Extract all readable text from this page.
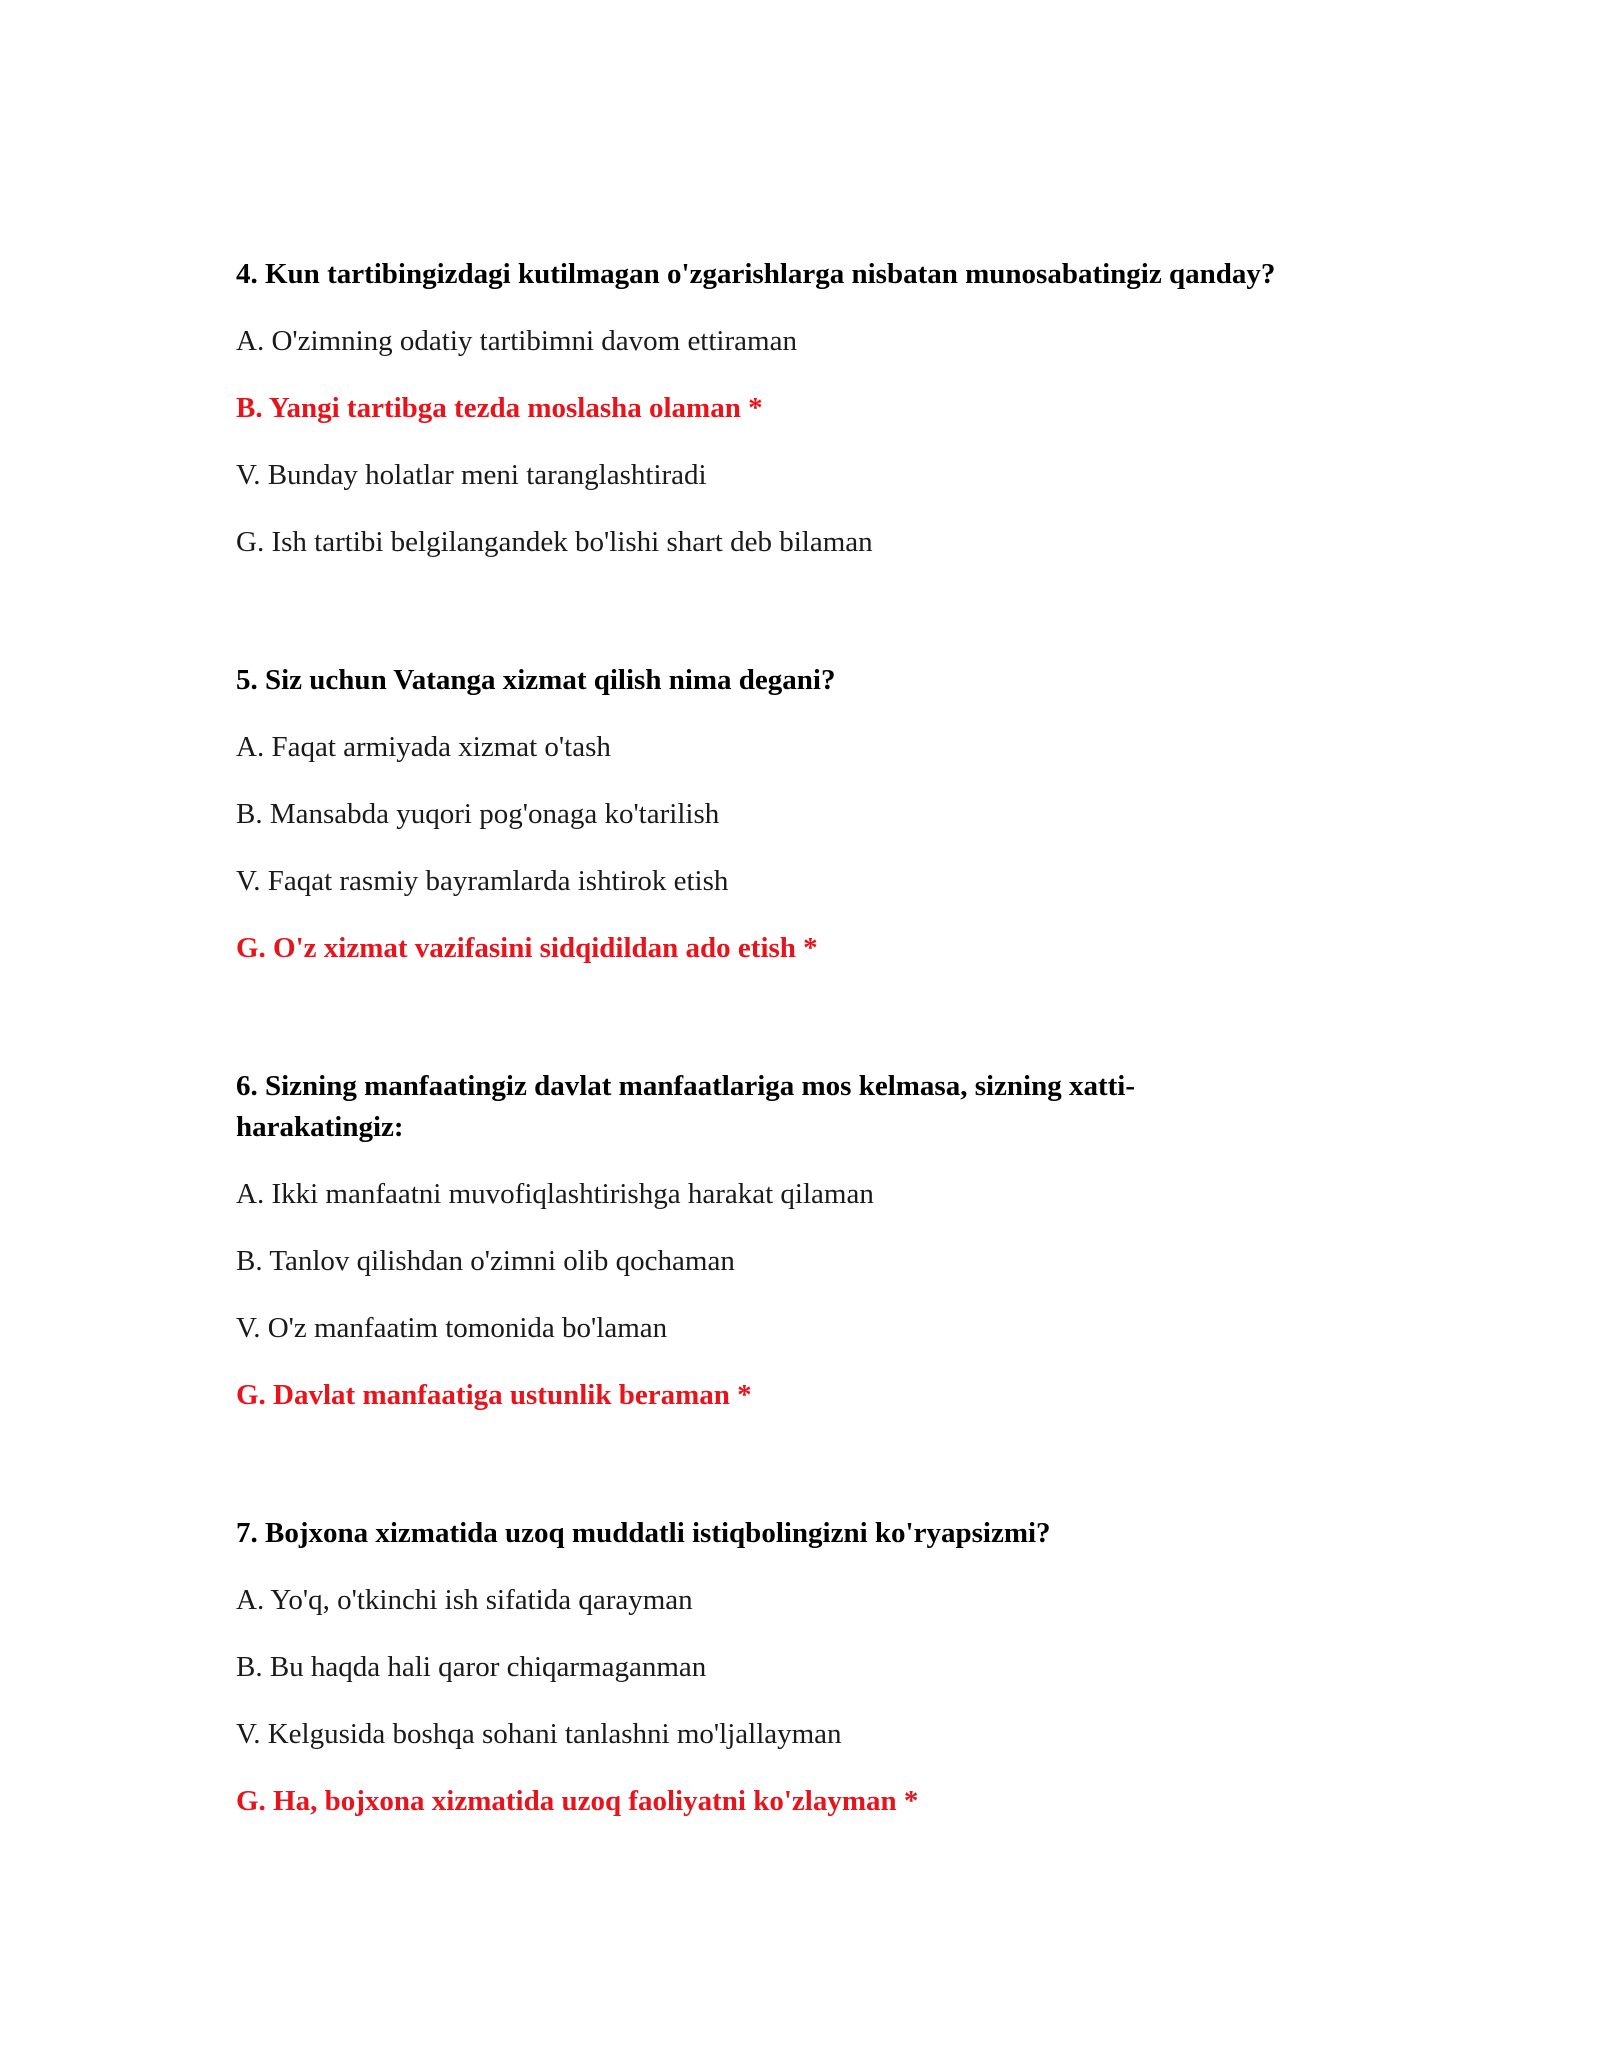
4. Kun tartibingizdagi kutilmagan o'zgarishlarga nisbatan munosabatingiz qanday?

A. O'zimning odatiy tartibimni davom ettiraman

B. Yangi tartibga tezda moslasha olaman *

V. Bunday holatlar meni taranglashtiradi

G. Ish tartibi belgilangandek bo'lishi shart deb bilaman

5. Siz uchun Vatanga xizmat qilish nima degani?

A. Faqat armiyada xizmat o'tash

B. Mansabda yuqori pog'onaga ko'tarilish

V. Faqat rasmiy bayramlarda ishtirok etish

G. O'z xizmat vazifasini sidqidildan ado etish *

6. Sizning manfaatingiz davlat manfaatlariga mos kelmasa, sizning xatti-harakatingiz:

A. Ikki manfaatni muvofiqlashtirishga harakat qilaman

B. Tanlov qilishdan o'zimni olib qochaman

V. O'z manfaatim tomonida bo'laman

G. Davlat manfaatiga ustunlik beraman *

7. Bojxona xizmatida uzoq muddatli istiqbolingizni ko'ryapsizmi?

A. Yo'q, o'tkinchi ish sifatida qarayman

B. Bu haqda hali qaror chiqarmaganman

V. Kelgusida boshqa sohani tanlashni mo'ljallayman

G. Ha, bojxona xizmatida uzoq faoliyatni ko'zlayman *
